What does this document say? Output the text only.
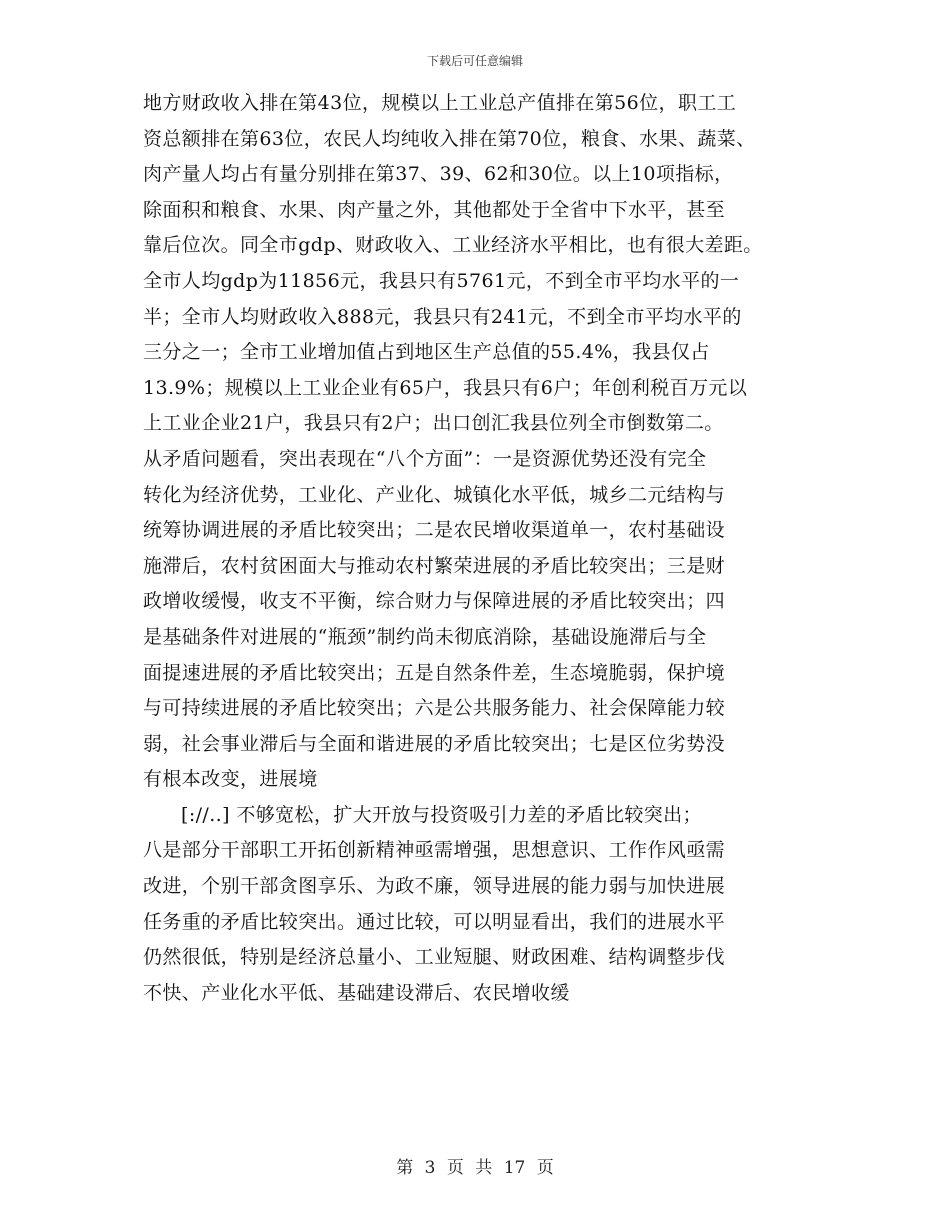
下载后可任意编辑
地方财政收入排在第43位，规模以上工业总产值排在第56位，职工工
资总额排在第63位，农民人均纯收入排在第70位，粮食、水果、蔬菜、
肉产量人均占有量分别排在第37、39、62和30位。以上10项指标，
除面积和粮食、水果、肉产量之外，其他都处于全省中下水平，甚至
靠后位次。同全市gdp、财政收入、工业经济水平相比，也有很大差距。
全市人均gdp为11856元，我县只有5761元，不到全市平均水平的一
半；全市人均财政收入888元，我县只有241元，不到全市平均水平的
三分之一；全市工业增加值占到地区生产总值的55.4%，我县仅占
13.9%；规模以上工业企业有65户，我县只有6户；年创利税百万元以
上工业企业21户，我县只有2户；出口创汇我县位列全市倒数第二。
从矛盾问题看，突出表现在“八个方面”：一是资源优势还没有完全
转化为经济优势，工业化、产业化、城镇化水平低，城乡二元结构与
统筹协调进展的矛盾比较突出；二是农民增收渠道单一，农村基础设
施滞后，农村贫困面大与推动农村繁荣进展的矛盾比较突出；三是财
政增收缓慢，收支不平衡，综合财力与保障进展的矛盾比较突出；四
是基础条件对进展的“瓶颈”制约尚未彻底消除，基础设施滞后与全
面提速进展的矛盾比较突出；五是自然条件差，生态境脆弱，保护境
与可持续进展的矛盾比较突出；六是公共服务能力、社会保障能力较
弱，社会事业滞后与全面和谐进展的矛盾比较突出；七是区位劣势没
有根本改变，进展境
[://..] 不够宽松，扩大开放与投资吸引力差的矛盾比较突出；
八是部分干部职工开拓创新精神亟需增强，思想意识、工作作风亟需
改进，个别干部贪图享乐、为政不廉，领导进展的能力弱与加快进展
任务重的矛盾比较突出。通过比较，可以明显看出，我们的进展水平
仍然很低，特别是经济总量小、工业短腿、财政困难、结构调整步伐
不快、产业化水平低、基础建设滞后、农民增收缓
第 3 页 共 17 页
